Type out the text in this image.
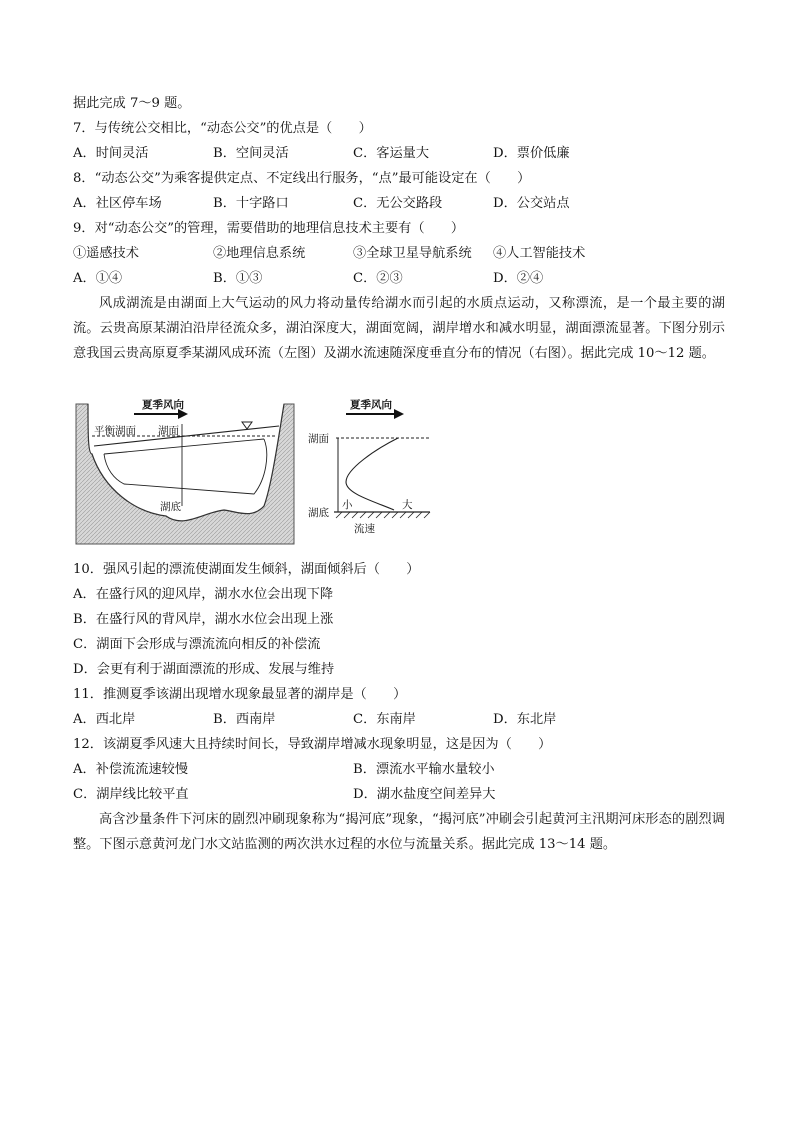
据此完成 7～9 题。
7．与传统公交相比，“动态公交”的优点是（　　）
A．时间灵活	B．空间灵活	C．客运量大	D．票价低廉
8．“动态公交”为乘客提供定点、不定线出行服务，“点”最可能设定在（　　）
A．社区停车场	B．十字路口	C．无公交路段	D．公交站点
9．对“动态公交”的管理，需要借助的地理信息技术主要有（　　）
①遥感技术	②地理信息系统	③全球卫星导航系统 ④人工智能技术
A．①④	B．①③	C．②③	D．②④
风成湖流是由湖面上大气运动的风力将动量传给湖水而引起的水质点运动，又称漂流，是一个最主要的湖流。云贵高原某湖泊沿岸径流众多，湖泊深度大，湖面宽阔，湖岸增水和减水明显，湖面漂流显著。下图分别示意我国云贵高原夏季某湖风成环流（左图）及湖水流速随深度垂直分布的情况（右图）。据此完成 10～12 题。
夏季风向
平衡湖面 湖面
湖底
夏季风向
湖面
湖底
小	大
流速
10．强风引起的漂流使湖面发生倾斜，湖面倾斜后（　　）
A．在盛行风的迎风岸，湖水水位会出现下降
B．在盛行风的背风岸，湖水水位会出现上涨
C．湖面下会形成与漂流流向相反的补偿流
D．会更有利于湖面漂流的形成、发展与维持
11．推测夏季该湖出现增水现象最显著的湖岸是（　　）
A．西北岸	B．西南岸	C．东南岸	D．东北岸
12．该湖夏季风速大且持续时间长，导致湖岸增减水现象明显，这是因为（　　）
A．补偿流流速较慢	B．漂流水平输水量较小
C．湖岸线比较平直	D．湖水盐度空间差异大
高含沙量条件下河床的剧烈冲刷现象称为“揭河底”现象，“揭河底”冲刷会引起黄河主汛期河床形态的剧烈调整。下图示意黄河龙门水文站监测的两次洪水过程的水位与流量关系。据此完成 13～14 题。
